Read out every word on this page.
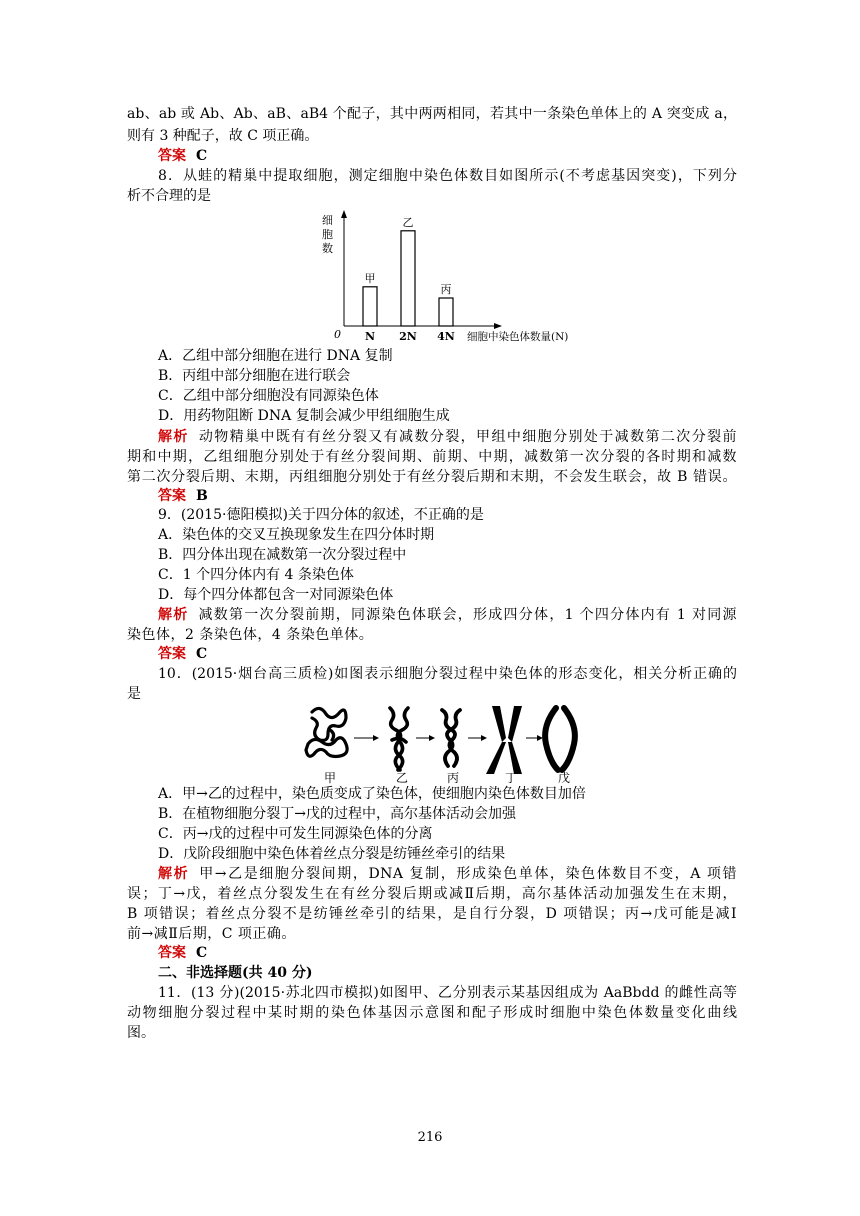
ab、ab 或 Ab、Ab、aB、aB4 个配子，其中两两相同，若其中一条染色单体上的 A 突变成 a，
则有 3 种配子，故 C 项正确。
答案 C
8．从蛙的精巢中提取细胞，测定细胞中染色体数目如图所示(不考虑基因突变)，下列分
析不合理的是
0
细
胞
数
甲
N
乙
2N
丙
4N 细胞中染色体数量(N)
A．乙组中部分细胞在进行 DNA 复制
B．丙组中部分细胞在进行联会
C．乙组中部分细胞没有同源染色体
D．用药物阻断 DNA 复制会减少甲组细胞生成
解析 动物精巢中既有有丝分裂又有减数分裂，甲组中细胞分别处于减数第二次分裂前
期和中期，乙组细胞分别处于有丝分裂间期、前期、中期，减数第一次分裂的各时期和减数
第二次分裂后期、末期，丙组细胞分别处于有丝分裂后期和末期，不会发生联会，故 B 错误。
答案 B
9．(2015·德阳模拟)关于四分体的叙述，不正确的是
A．染色体的交叉互换现象发生在四分体时期
B．四分体出现在减数第一次分裂过程中
C．1 个四分体内有 4 条染色体
D．每个四分体都包含一对同源染色体
解析 减数第一次分裂前期，同源染色体联会，形成四分体，1 个四分体内有 1 对同源
染色体，2 条染色体，4 条染色单体。
答案 C
10．(2015·烟台高三质检)如图表示细胞分裂过程中染色体的形态变化，相关分析正确的
是
甲	乙	丙	丁	戊
A．甲→乙的过程中，染色质变成了染色体，使细胞内染色体数目加倍
B．在植物细胞分裂丁→戊的过程中，高尔基体活动会加强
C．丙→戊的过程中可发生同源染色体的分离
D．戊阶段细胞中染色体着丝点分裂是纺锤丝牵引的结果
解析 甲→乙是细胞分裂间期，DNA 复制，形成染色单体，染色体数目不变，A 项错
误；丁→戊，着丝点分裂发生在有丝分裂后期或减Ⅱ后期，高尔基体活动加强发生在末期，
B 项错误；着丝点分裂不是纺锤丝牵引的结果，是自行分裂，D 项错误；丙→戊可能是减Ⅰ
前→减Ⅱ后期，C 项正确。
答案 C
二、非选择题(共 40 分)
11．(13 分)(2015·苏北四市模拟)如图甲、乙分别表示某基因组成为 AaBbdd 的雌性高等
动物细胞分裂过程中某时期的染色体基因示意图和配子形成时细胞中染色体数量变化曲线
图。
216
